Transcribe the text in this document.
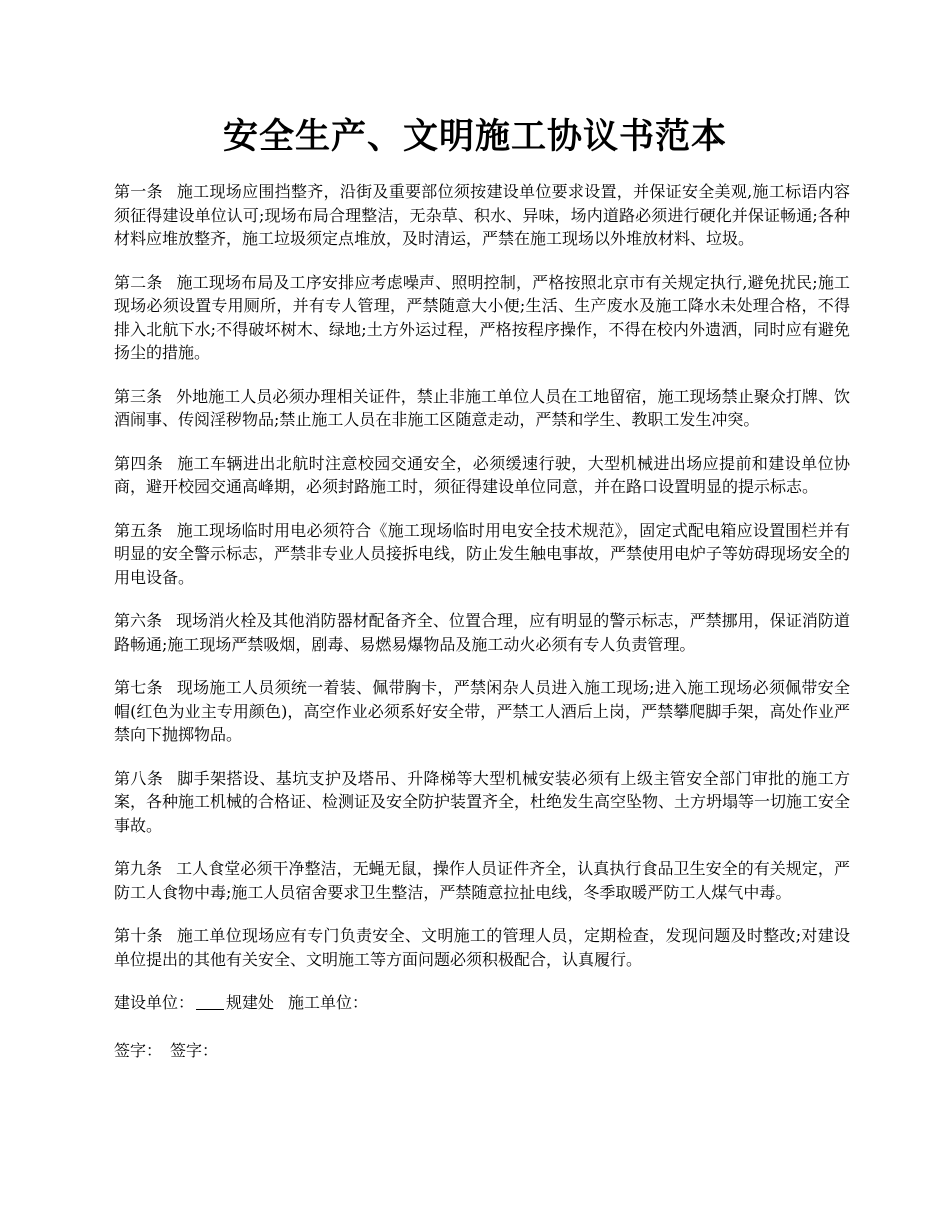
安全生产、文明施工协议书范本

第一条 施工现场应围挡整齐，沿街及重要部位须按建设单位要求设置，并保证安全美观,施工标语内容须征得建设单位认可;现场布局合理整洁，无杂草、积水、异味，场内道路必须进行硬化并保证畅通;各种材料应堆放整齐，施工垃圾须定点堆放，及时清运，严禁在施工现场以外堆放材料、垃圾。

第二条 施工现场布局及工序安排应考虑噪声、照明控制，严格按照北京市有关规定执行,避免扰民;施工现场必须设置专用厕所，并有专人管理，严禁随意大小便;生活、生产废水及施工降水未处理合格，不得排入北航下水;不得破坏树木、绿地;土方外运过程，严格按程序操作，不得在校内外遗洒，同时应有避免扬尘的措施。

第三条 外地施工人员必须办理相关证件，禁止非施工单位人员在工地留宿，施工现场禁止聚众打牌、饮酒闹事、传阅淫秽物品;禁止施工人员在非施工区随意走动，严禁和学生、教职工发生冲突。

第四条 施工车辆进出北航时注意校园交通安全，必须缓速行驶，大型机械进出场应提前和建设单位协商，避开校园交通高峰期，必须封路施工时，须征得建设单位同意，并在路口设置明显的提示标志。

第五条 施工现场临时用电必须符合《施工现场临时用电安全技术规范》，固定式配电箱应设置围栏并有明显的安全警示标志，严禁非专业人员接拆电线，防止发生触电事故，严禁使用电炉子等妨碍现场安全的用电设备。

第六条 现场消火栓及其他消防器材配备齐全、位置合理，应有明显的警示标志，严禁挪用，保证消防道路畅通;施工现场严禁吸烟，剧毒、易燃易爆物品及施工动火必须有专人负责管理。

第七条 现场施工人员须统一着装、佩带胸卡，严禁闲杂人员进入施工现场;进入施工现场必须佩带安全帽(红色为业主专用颜色)，高空作业必须系好安全带，严禁工人酒后上岗，严禁攀爬脚手架，高处作业严禁向下抛掷物品。

第八条 脚手架搭设、基坑支护及塔吊、升降梯等大型机械安装必须有上级主管安全部门审批的施工方案，各种施工机械的合格证、检测证及安全防护装置齐全，杜绝发生高空坠物、土方坍塌等一切施工安全事故。

第九条 工人食堂必须干净整洁，无蝇无鼠，操作人员证件齐全，认真执行食品卫生安全的有关规定，严防工人食物中毒;施工人员宿舍要求卫生整洁，严禁随意拉扯电线，冬季取暖严防工人煤气中毒。

第十条 施工单位现场应有专门负责安全、文明施工的管理人员，定期检查，发现问题及时整改;对建设单位提出的其他有关安全、文明施工等方面问题必须积极配合，认真履行。

建设单位： 规建处 施工单位：

签字： 签字：
